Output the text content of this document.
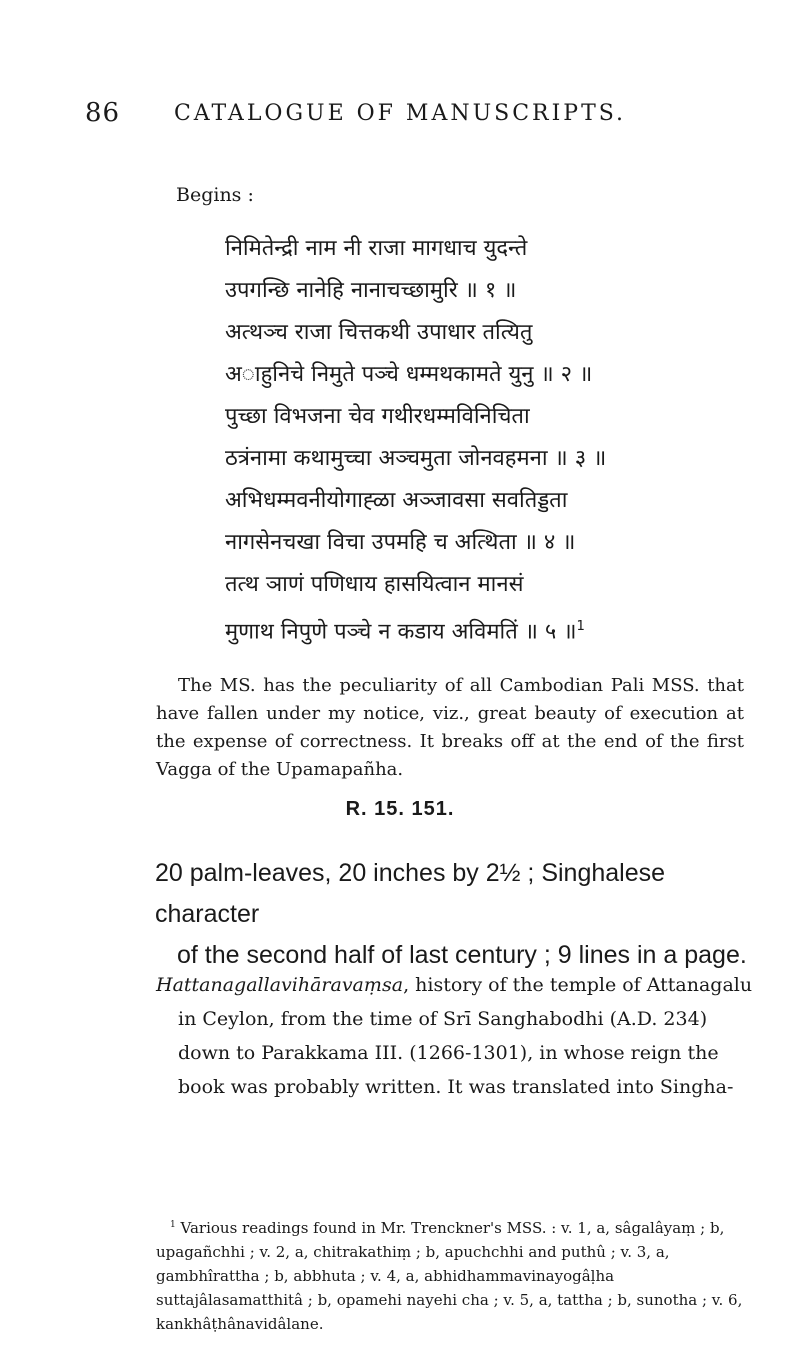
86	CATALOGUE OF MANUSCRIPTS.
Begins :
निमितेन्द्री नाम नी राजा मागधाच युदन्ते
उपगन्छि नानेहि नानाचच्छामुरि ॥ १ ॥
अत्थञ्च राजा चित्तकथी उपाधार तत्यितु
अाहुनिचे निमुते पञ्चे धम्मथकामते युनु ॥ २ ॥
पुच्छा विभजना चेव गथीरधम्मविनिचिता
ठत्रंनामा कथामुच्चा अञ्चमुता जोनवहमना ॥ ३ ॥
अभिधम्मवनीयोगाह्ळा अञ्जावसा सवतिड्डता
नागसेनचखा विचा उपमहि च अत्थिता ॥ ४ ॥
तत्थ ञाणं पणिधाय हासयित्वान मानसं
मुणाथ निपुणे पञ्चे न कडाय अविमतिं ॥ ५ ॥$^1$

The MS. has the peculiarity of all Cambodian Pali MSS. that have fallen under my notice, viz., great beauty of execution at the expense of correctness. It breaks off at the end of the first Vagga of the Upamapañha.

R. 15. 151.
20 palm-leaves, 20 inches by 2½ ; Singhalese character
of the second half of last century ; 9 lines in a page.
Hattanagallavihāravaṃsa, history of the temple of Attanagalu
in Ceylon, from the time of Srī Sanghabodhi (A.D. 234)
down to Parakkama III. (1266-1301), in whose reign the
book was probably written. It was translated into Singha-

$^1$ Various readings found in Mr. Trenckner's MSS. : v. 1, a, sâgalâyaṃ ; b, upagañchhi ; v. 2, a, chitrakathiṃ ; b, apuchchhi and puthû ; v. 3, a, gambhîrattha ; b, abbhuta ; v. 4, a, abhidhammavinayogâḷha suttajâlasamatthitâ ; b, opamehi nayehi cha ; v. 5, a, tattha ; b, sunotha ; v. 6, kankhâṭhânavidâlane.
